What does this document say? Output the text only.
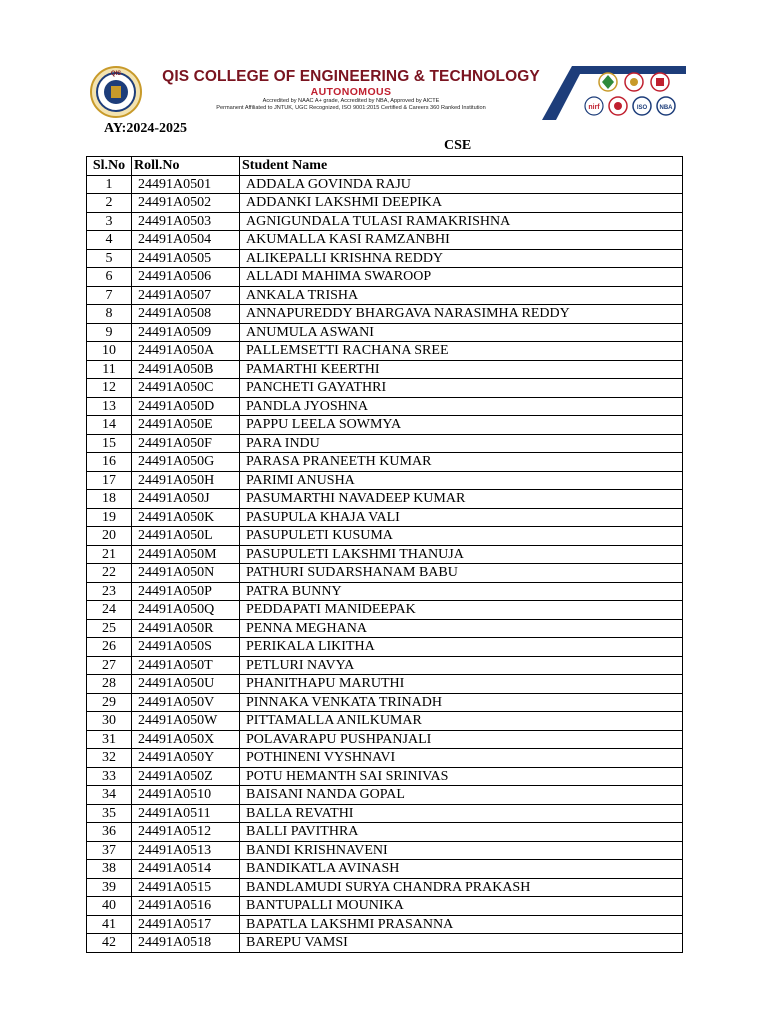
QIS	QIS COLLEGE OF ENGINEERING & TECHNOLOGY
AUTONOMOUS
Accredited by NAAC A+ grade, Accredited by NBA, Approved by AICTE
Permanent Affiliated to JNTUK, UGC Recognized, ISO 9001:2015 Certified & Careers 360 Ranked Institution	nirf	ISO NBA
AY:2024-2025
CSE
Sl.No	Roll.No	Student Name
1	24491A0501	ADDALA GOVINDA RAJU
2	24491A0502	ADDANKI LAKSHMI DEEPIKA
3	24491A0503	AGNIGUNDALA TULASI RAMAKRISHNA
4	24491A0504	AKUMALLA KASI RAMZANBHI
5	24491A0505	ALIKEPALLI KRISHNA REDDY
6	24491A0506	ALLADI MAHIMA SWAROOP
7	24491A0507	ANKALA TRISHA
8	24491A0508	ANNAPUREDDY BHARGAVA NARASIMHA REDDY
9	24491A0509	ANUMULA ASWANI
10	24491A050A	PALLEMSETTI RACHANA SREE
11	24491A050B	PAMARTHI KEERTHI
12	24491A050C	PANCHETI GAYATHRI
13	24491A050D	PANDLA JYOSHNA
14	24491A050E	PAPPU LEELA SOWMYA
15	24491A050F	PARA INDU
16	24491A050G	PARASA PRANEETH KUMAR
17	24491A050H	PARIMI ANUSHA
18	24491A050J	PASUMARTHI NAVADEEP KUMAR
19	24491A050K	PASUPULA KHAJA VALI
20	24491A050L	PASUPULETI KUSUMA
21	24491A050M	PASUPULETI LAKSHMI THANUJA
22	24491A050N	PATHURI SUDARSHANAM BABU
23	24491A050P	PATRA BUNNY
24	24491A050Q	PEDDAPATI MANIDEEPAK
25	24491A050R	PENNA MEGHANA
26	24491A050S	PERIKALA LIKITHA
27	24491A050T	PETLURI NAVYA
28	24491A050U	PHANITHAPU MARUTHI
29	24491A050V	PINNAKA VENKATA TRINADH
30	24491A050W	PITTAMALLA ANILKUMAR
31	24491A050X	POLAVARAPU PUSHPANJALI
32	24491A050Y	POTHINENI VYSHNAVI
33	24491A050Z	POTU HEMANTH SAI SRINIVAS
34	24491A0510	BAISANI NANDA GOPAL
35	24491A0511	BALLA REVATHI
36	24491A0512	BALLI PAVITHRA
37	24491A0513	BANDI KRISHNAVENI
38	24491A0514	BANDIKATLA AVINASH
39	24491A0515	BANDLAMUDI SURYA CHANDRA PRAKASH
40	24491A0516	BANTUPALLI MOUNIKA
41	24491A0517	BAPATLA LAKSHMI PRASANNA
42	24491A0518	BAREPU VAMSI
